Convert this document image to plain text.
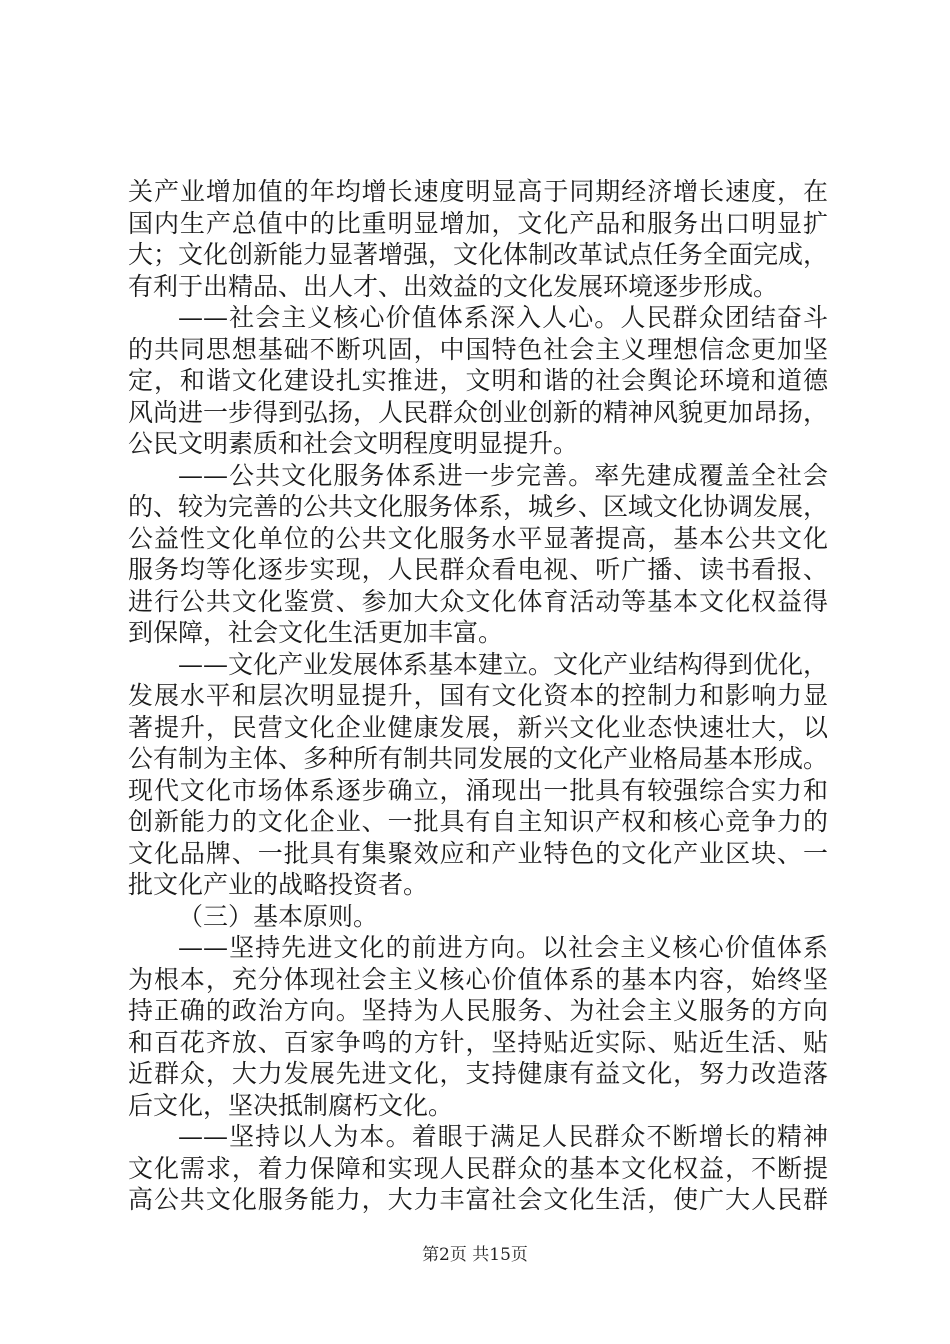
关产业增加值的年均增长速度明显高于同期经济增长速度，在
国内生产总值中的比重明显增加，文化产品和服务出口明显扩
大；文化创新能力显著增强，文化体制改革试点任务全面完成，
有利于出精品、出人才、出效益的文化发展环境逐步形成。
——社会主义核心价值体系深入人心。人民群众团结奋斗
的共同思想基础不断巩固，中国特色社会主义理想信念更加坚
定，和谐文化建设扎实推进，文明和谐的社会舆论环境和道德
风尚进一步得到弘扬，人民群众创业创新的精神风貌更加昂扬，
公民文明素质和社会文明程度明显提升。
——公共文化服务体系进一步完善。率先建成覆盖全社会
的、较为完善的公共文化服务体系，城乡、区域文化协调发展，
公益性文化单位的公共文化服务水平显著提高，基本公共文化
服务均等化逐步实现，人民群众看电视、听广播、读书看报、
进行公共文化鉴赏、参加大众文化体育活动等基本文化权益得
到保障，社会文化生活更加丰富。
——文化产业发展体系基本建立。文化产业结构得到优化，
发展水平和层次明显提升，国有文化资本的控制力和影响力显
著提升，民营文化企业健康发展，新兴文化业态快速壮大，以
公有制为主体、多种所有制共同发展的文化产业格局基本形成。
现代文化市场体系逐步确立，涌现出一批具有较强综合实力和
创新能力的文化企业、一批具有自主知识产权和核心竞争力的
文化品牌、一批具有集聚效应和产业特色的文化产业区块、一
批文化产业的战略投资者。
（三）基本原则。
——坚持先进文化的前进方向。以社会主义核心价值体系
为根本，充分体现社会主义核心价值体系的基本内容，始终坚
持正确的政治方向。坚持为人民服务、为社会主义服务的方向
和百花齐放、百家争鸣的方针，坚持贴近实际、贴近生活、贴
近群众，大力发展先进文化，支持健康有益文化，努力改造落
后文化，坚决抵制腐朽文化。
——坚持以人为本。着眼于满足人民群众不断增长的精神
文化需求，着力保障和实现人民群众的基本文化权益，不断提
高公共文化服务能力，大力丰富社会文化生活，使广大人民群
第2页 共15页
